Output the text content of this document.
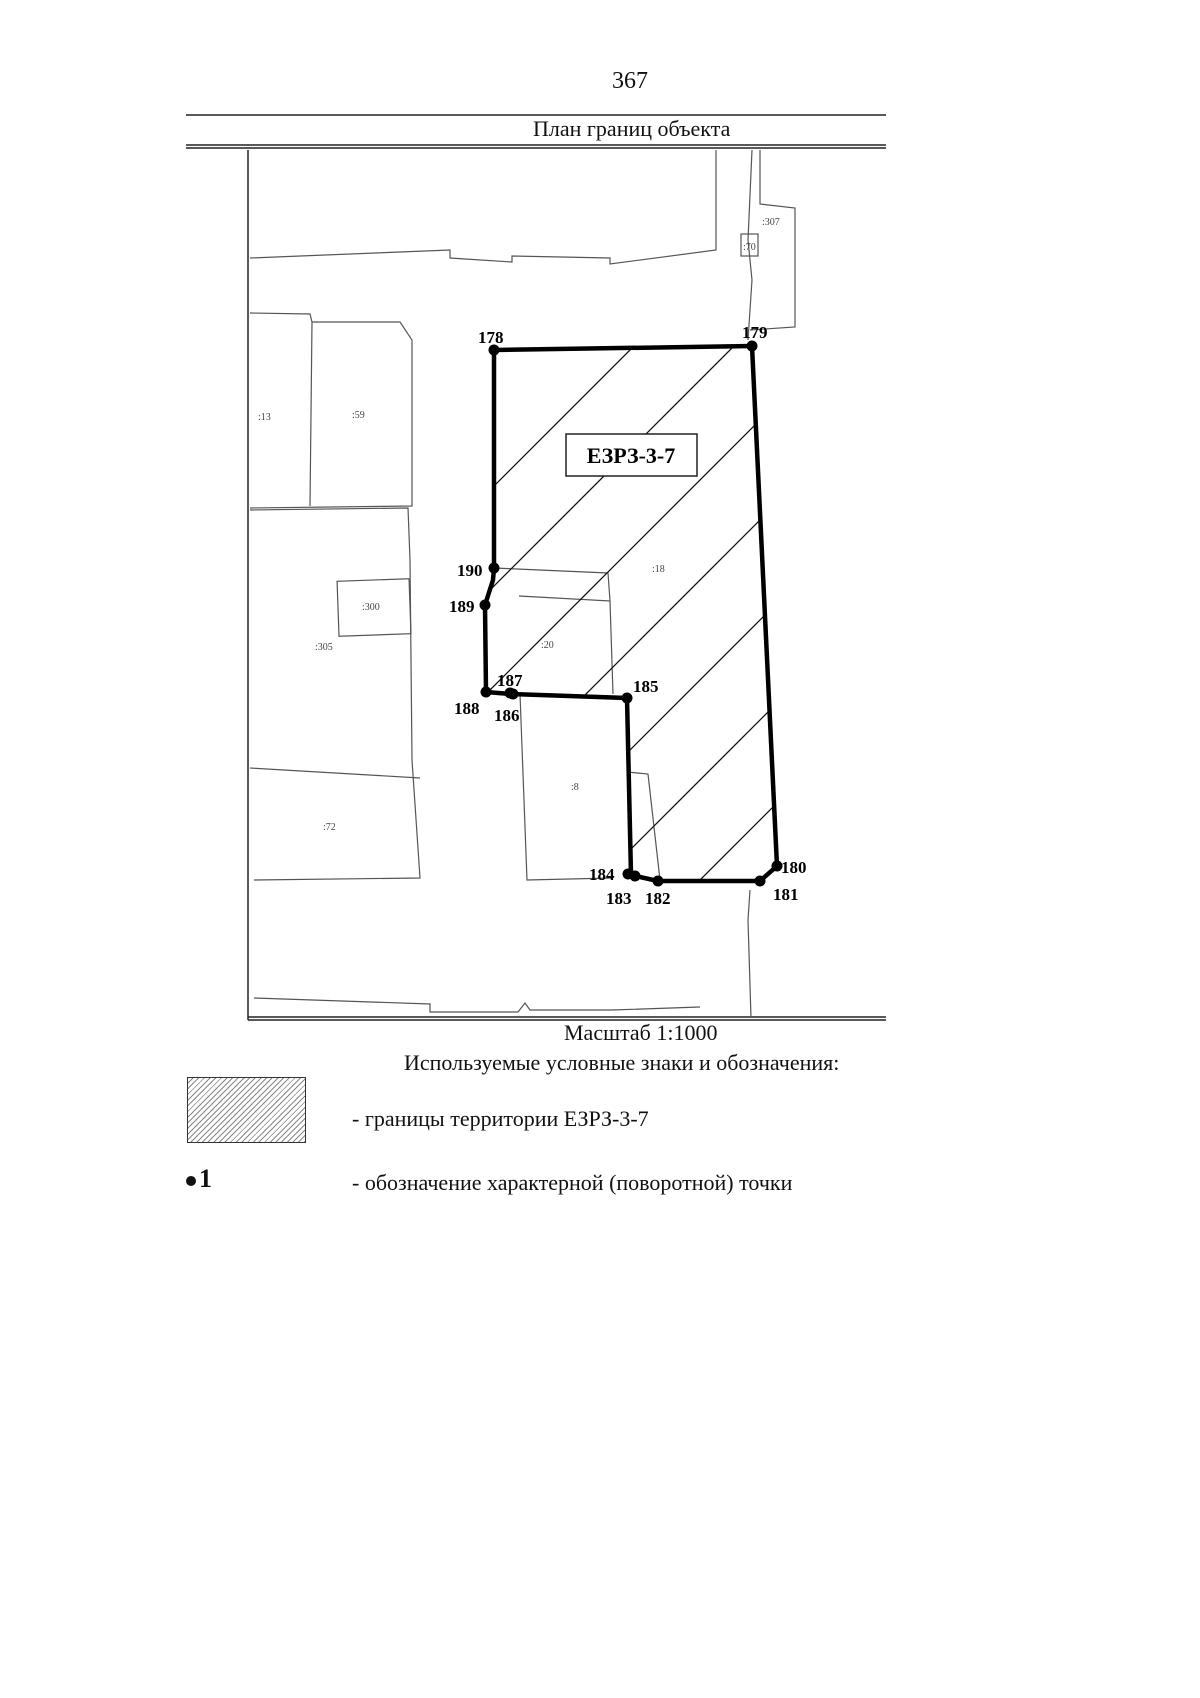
367
План границ объекта
ЕЗРЗ-3-7
:307
:70
:13	:59
:18
:300
:305	:20
:8
:72
178	179
180
181
182
183
184
185
186
187
188
189
190
Масштаб 1:1000
Используемые условные знаки и обозначения:
- границы территории ЕЗРЗ-3-7
1	- обозначение характерной (поворотной) точки
